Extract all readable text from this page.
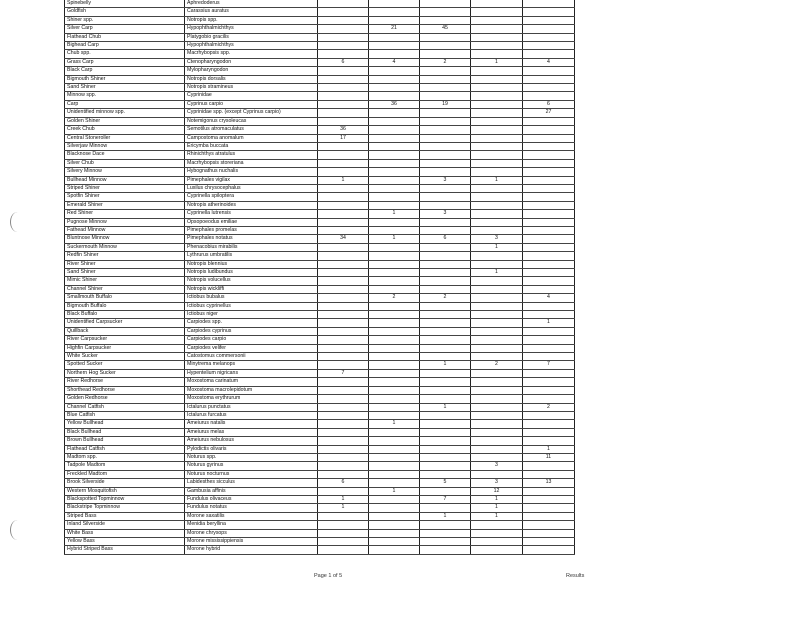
Spinebelly	Aphredoderus					
Goldfish	Carassius auratus					
Shiner spp.	Notropis spp.					
Silver Carp	Hypophthalmichthys		21	45		
Flathead Chub	Platygobio gracilis					
Bighead Carp	Hypophthalmichthys					
Chub spp.	Macrhybopsis spp.					
Grass Carp	Ctenopharyngodon	6	4	2	1	4
Black Carp	Mylopharyngodon					
Bigmouth Shiner	Notropis dorsalis					
Sand Shiner	Notropis stramineus					
Minnow spp.	Cyprinidae					
Carp	Cyprinus carpio		36	19		6
Unidentified minnow spp.	Cyprinidae spp. (except Cyprinus carpio)					27
Golden Shiner	Notemigonus crysoleucas					
Creek Chub	Semotilus atromaculatus	36				
Central Stoneroller	Campostoma anomalum	17				
Silverjaw Minnow	Ericymba buccata					
Blacknose Dace	Rhinichthys atratulus					
Silver Chub	Macrhybopsis storeriana					
Silvery Minnow	Hybognathus nuchalis					
Bullhead Minnow	Pimephales vigilax	1		3	1	
Striped Shiner	Luxilus chrysocephalus					
Spotfin Shiner	Cyprinella spiloptera					
Emerald Shiner	Notropis atherinoides					
Red Shiner	Cyprinella lutrensis		1	3		
Pugnose Minnow	Opsopoeodus emiliae					
Fathead Minnow	Pimephales promelas					
Bluntnose Minnow	Pimephales notatus	34	1	6	3	
Suckermouth Minnow	Phenacobius mirabilis				1	
Redfin Shiner	Lythrurus umbratilis					
River Shiner	Notropis blennius					
Sand Shiner	Notropis ludibundus				1	
Mimic Shiner	Notropis volucellus					
Channel Shiner	Notropis wickliffi					
Smallmouth Buffalo	Ictiobus bubalus		2	2		4
Bigmouth Buffalo	Ictiobus cyprinellus					
Black Buffalo	Ictiobus niger					
Unidentified Carpsucker	Carpiodes spp.					1
Quillback	Carpiodes cyprinus					
River Carpsucker	Carpiodes carpio					
Highfin Carpsucker	Carpiodes velifer					
White Sucker	Catostomus commersonii					
Spotted Sucker	Minytrema melanops			1	2	7
Northern Hog Sucker	Hypentelium nigricans	7				
River Redhorse	Moxostoma carinatum					
Shorthead Redhorse	Moxostoma macrolepidotum					
Golden Redhorse	Moxostoma erythrurum					
Channel Catfish	Ictalurus punctatus			1		2
Blue Catfish	Ictalurus furcatus					
Yellow Bullhead	Ameiurus natalis		1			
Black Bullhead	Ameiurus melas					
Brown Bullhead	Ameiurus nebulosus					
Flathead Catfish	Pylodictis olivaris					1
Madtom spp.	Noturus spp.					11
Tadpole Madtom	Noturus gyrinus				3	
Freckled Madtom	Noturus nocturnus					
Brook Silverside	Labidesthes sicculus	6		5	3	13
Western Mosquitofish	Gambusia affinis		1		12	
Blackspotted Topminnow	Fundulus olivaceus	1		7	1	
Blackstripe Topminnow	Fundulus notatus	1			1	
Striped Bass	Morone saxatilis			1	1	
Inland Silverside	Menidia beryllina					
White Bass	Morone chrysops					
Yellow Bass	Morone mississippiensis					
Hybrid Striped Bass	Morone hybrid					
Page 1 of 5	Results
